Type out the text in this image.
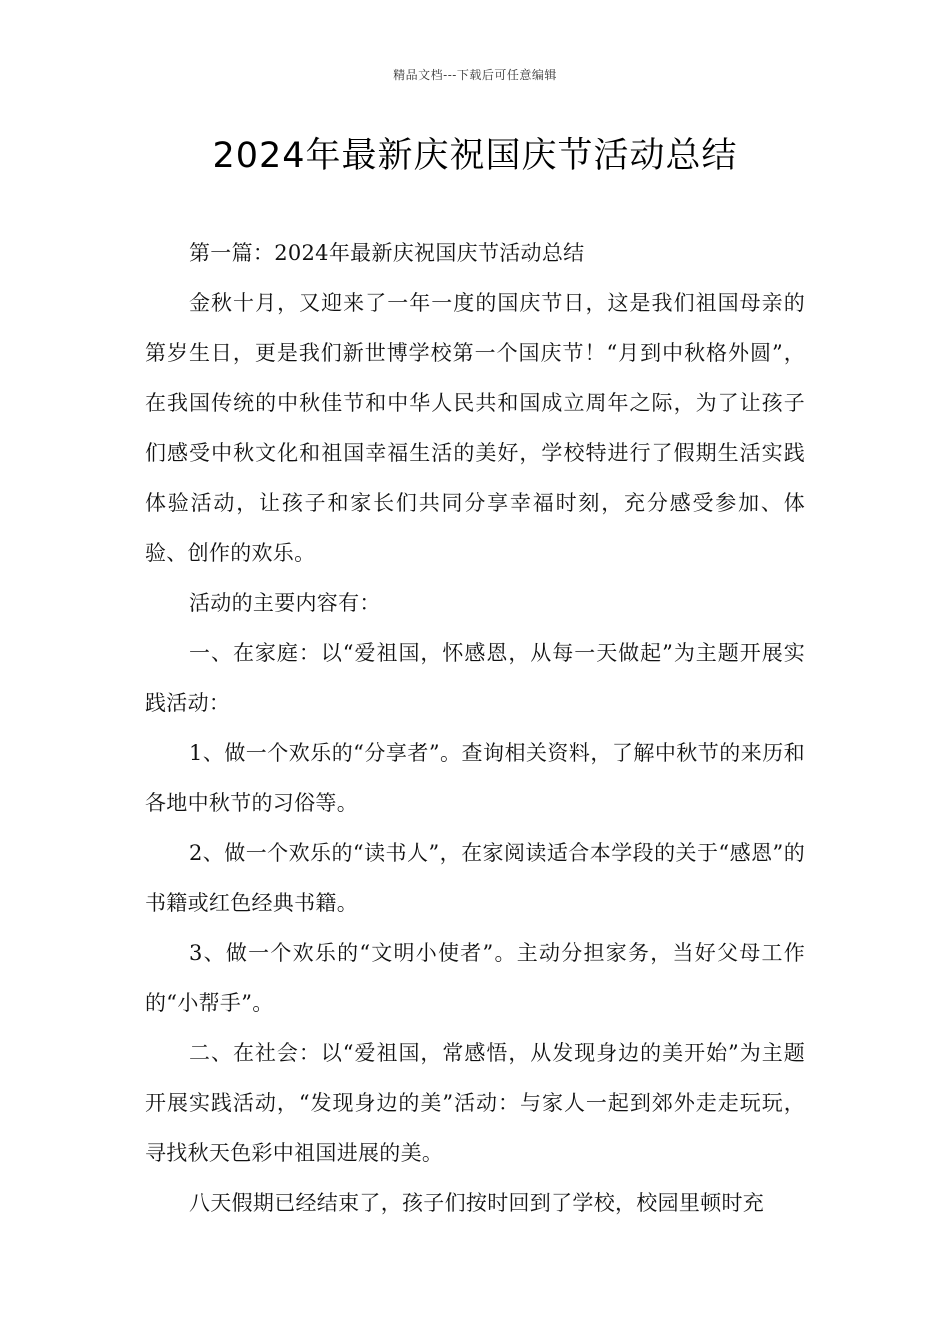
精品文档---下载后可任意编辑
2024年最新庆祝国庆节活动总结

第一篇：2024年最新庆祝国庆节活动总结

金秋十月，又迎来了一年一度的国庆节日，这是我们祖国母亲的第岁生日，更是我们新世博学校第一个国庆节！“月到中秋格外圆”，在我国传统的中秋佳节和中华人民共和国成立周年之际，为了让孩子们感受中秋文化和祖国幸福生活的美好，学校特进行了假期生活实践体验活动，让孩子和家长们共同分享幸福时刻，充分感受参加、体验、创作的欢乐。

活动的主要内容有：

一、在家庭：以“爱祖国，怀感恩，从每一天做起”为主题开展实践活动：

1、做一个欢乐的“分享者”。查询相关资料，了解中秋节的来历和各地中秋节的习俗等。

2、做一个欢乐的“读书人”，在家阅读适合本学段的关于“感恩”的书籍或红色经典书籍。

3、做一个欢乐的“文明小使者”。主动分担家务，当好父母工作的“小帮手”。

二、在社会：以“爱祖国，常感悟，从发现身边的美开始”为主题开展实践活动，“发现身边的美”活动：与家人一起到郊外走走玩玩，寻找秋天色彩中祖国进展的美。

八天假期已经结束了，孩子们按时回到了学校，校园里顿时充
